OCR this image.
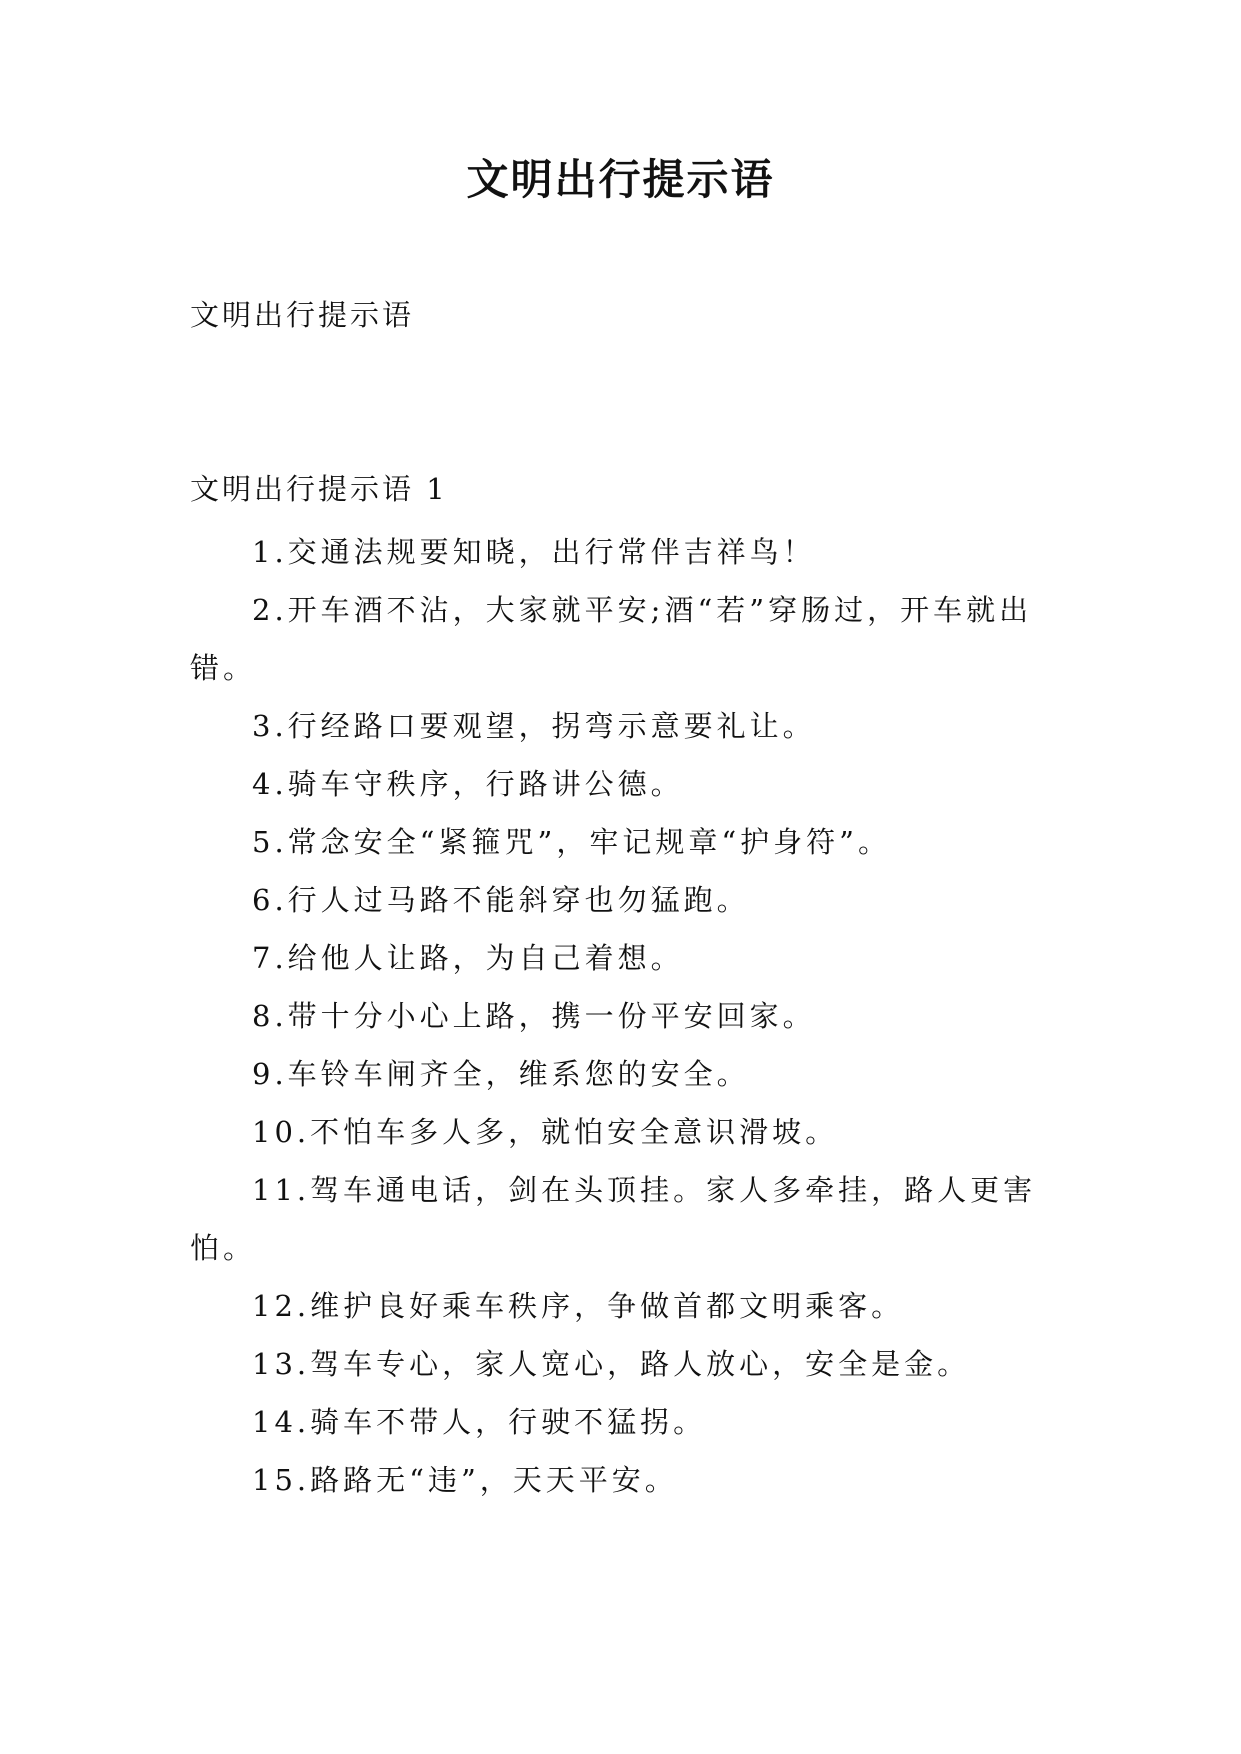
文明出行提示语
文明出行提示语
文明出行提示语 1
1.交通法规要知晓，出行常伴吉祥鸟！
2.开车酒不沾，大家就平安;酒“若”穿肠过，开车就出错。
3.行经路口要观望，拐弯示意要礼让。
4.骑车守秩序，行路讲公德。
5.常念安全“紧箍咒”，牢记规章“护身符”。
6.行人过马路不能斜穿也勿猛跑。
7.给他人让路，为自己着想。
8.带十分小心上路，携一份平安回家。
9.车铃车闸齐全，维系您的安全。
10.不怕车多人多，就怕安全意识滑坡。
11.驾车通电话，剑在头顶挂。家人多牵挂，路人更害怕。
12.维护良好乘车秩序，争做首都文明乘客。
13.驾车专心，家人宽心，路人放心，安全是金。
14.骑车不带人，行驶不猛拐。
15.路路无“违”，天天平安。
